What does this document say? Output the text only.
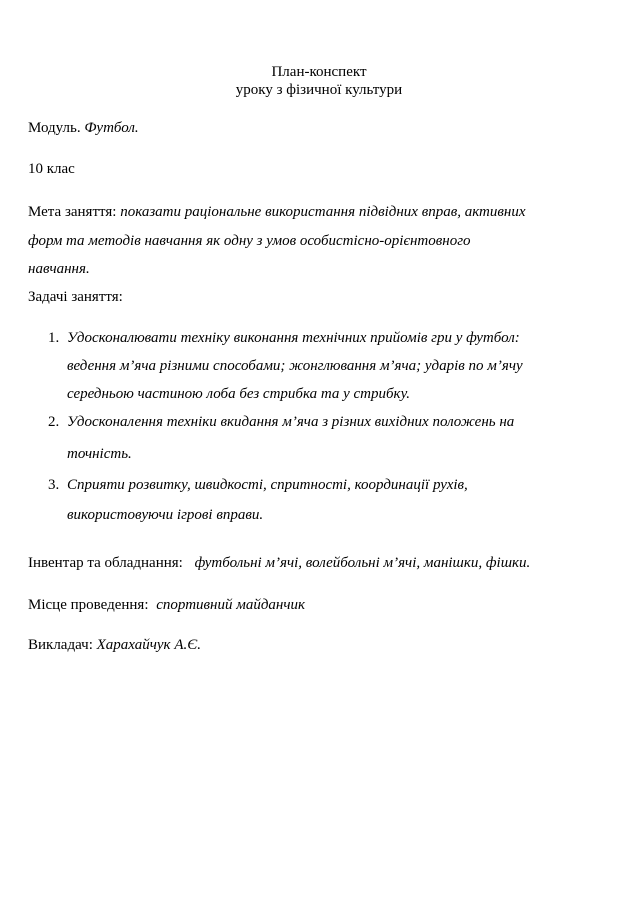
План-конспект
уроку з фізичної культури
Модуль. Футбол.
10 клас
Мета заняття: показати раціональне використання підвідних вправ, активних
форм та методів навчання як одну з умов особистісно-орієнтовного
навчання.
Задачі заняття:
1. Удосконалювати техніку виконання технічних прийомів гри у футбол:
ведення м’яча різними способами; жонглювання м’яча; ударів по м’ячу
середньою частиною лоба без стрибка та у стрибку.
2. Удосконалення техніки вкидання м’яча з різних вихідних положень на
точність.
3. Сприяти розвитку, швидкості, спритності, координації рухів,
використовуючи ігрові вправи.
Інвентар та обладнання: футбольні м’ячі, волейбольні м’ячі, манішки, фішки.
Місце проведення: спортивний майданчик
Викладач: Харахайчук А.Є.
